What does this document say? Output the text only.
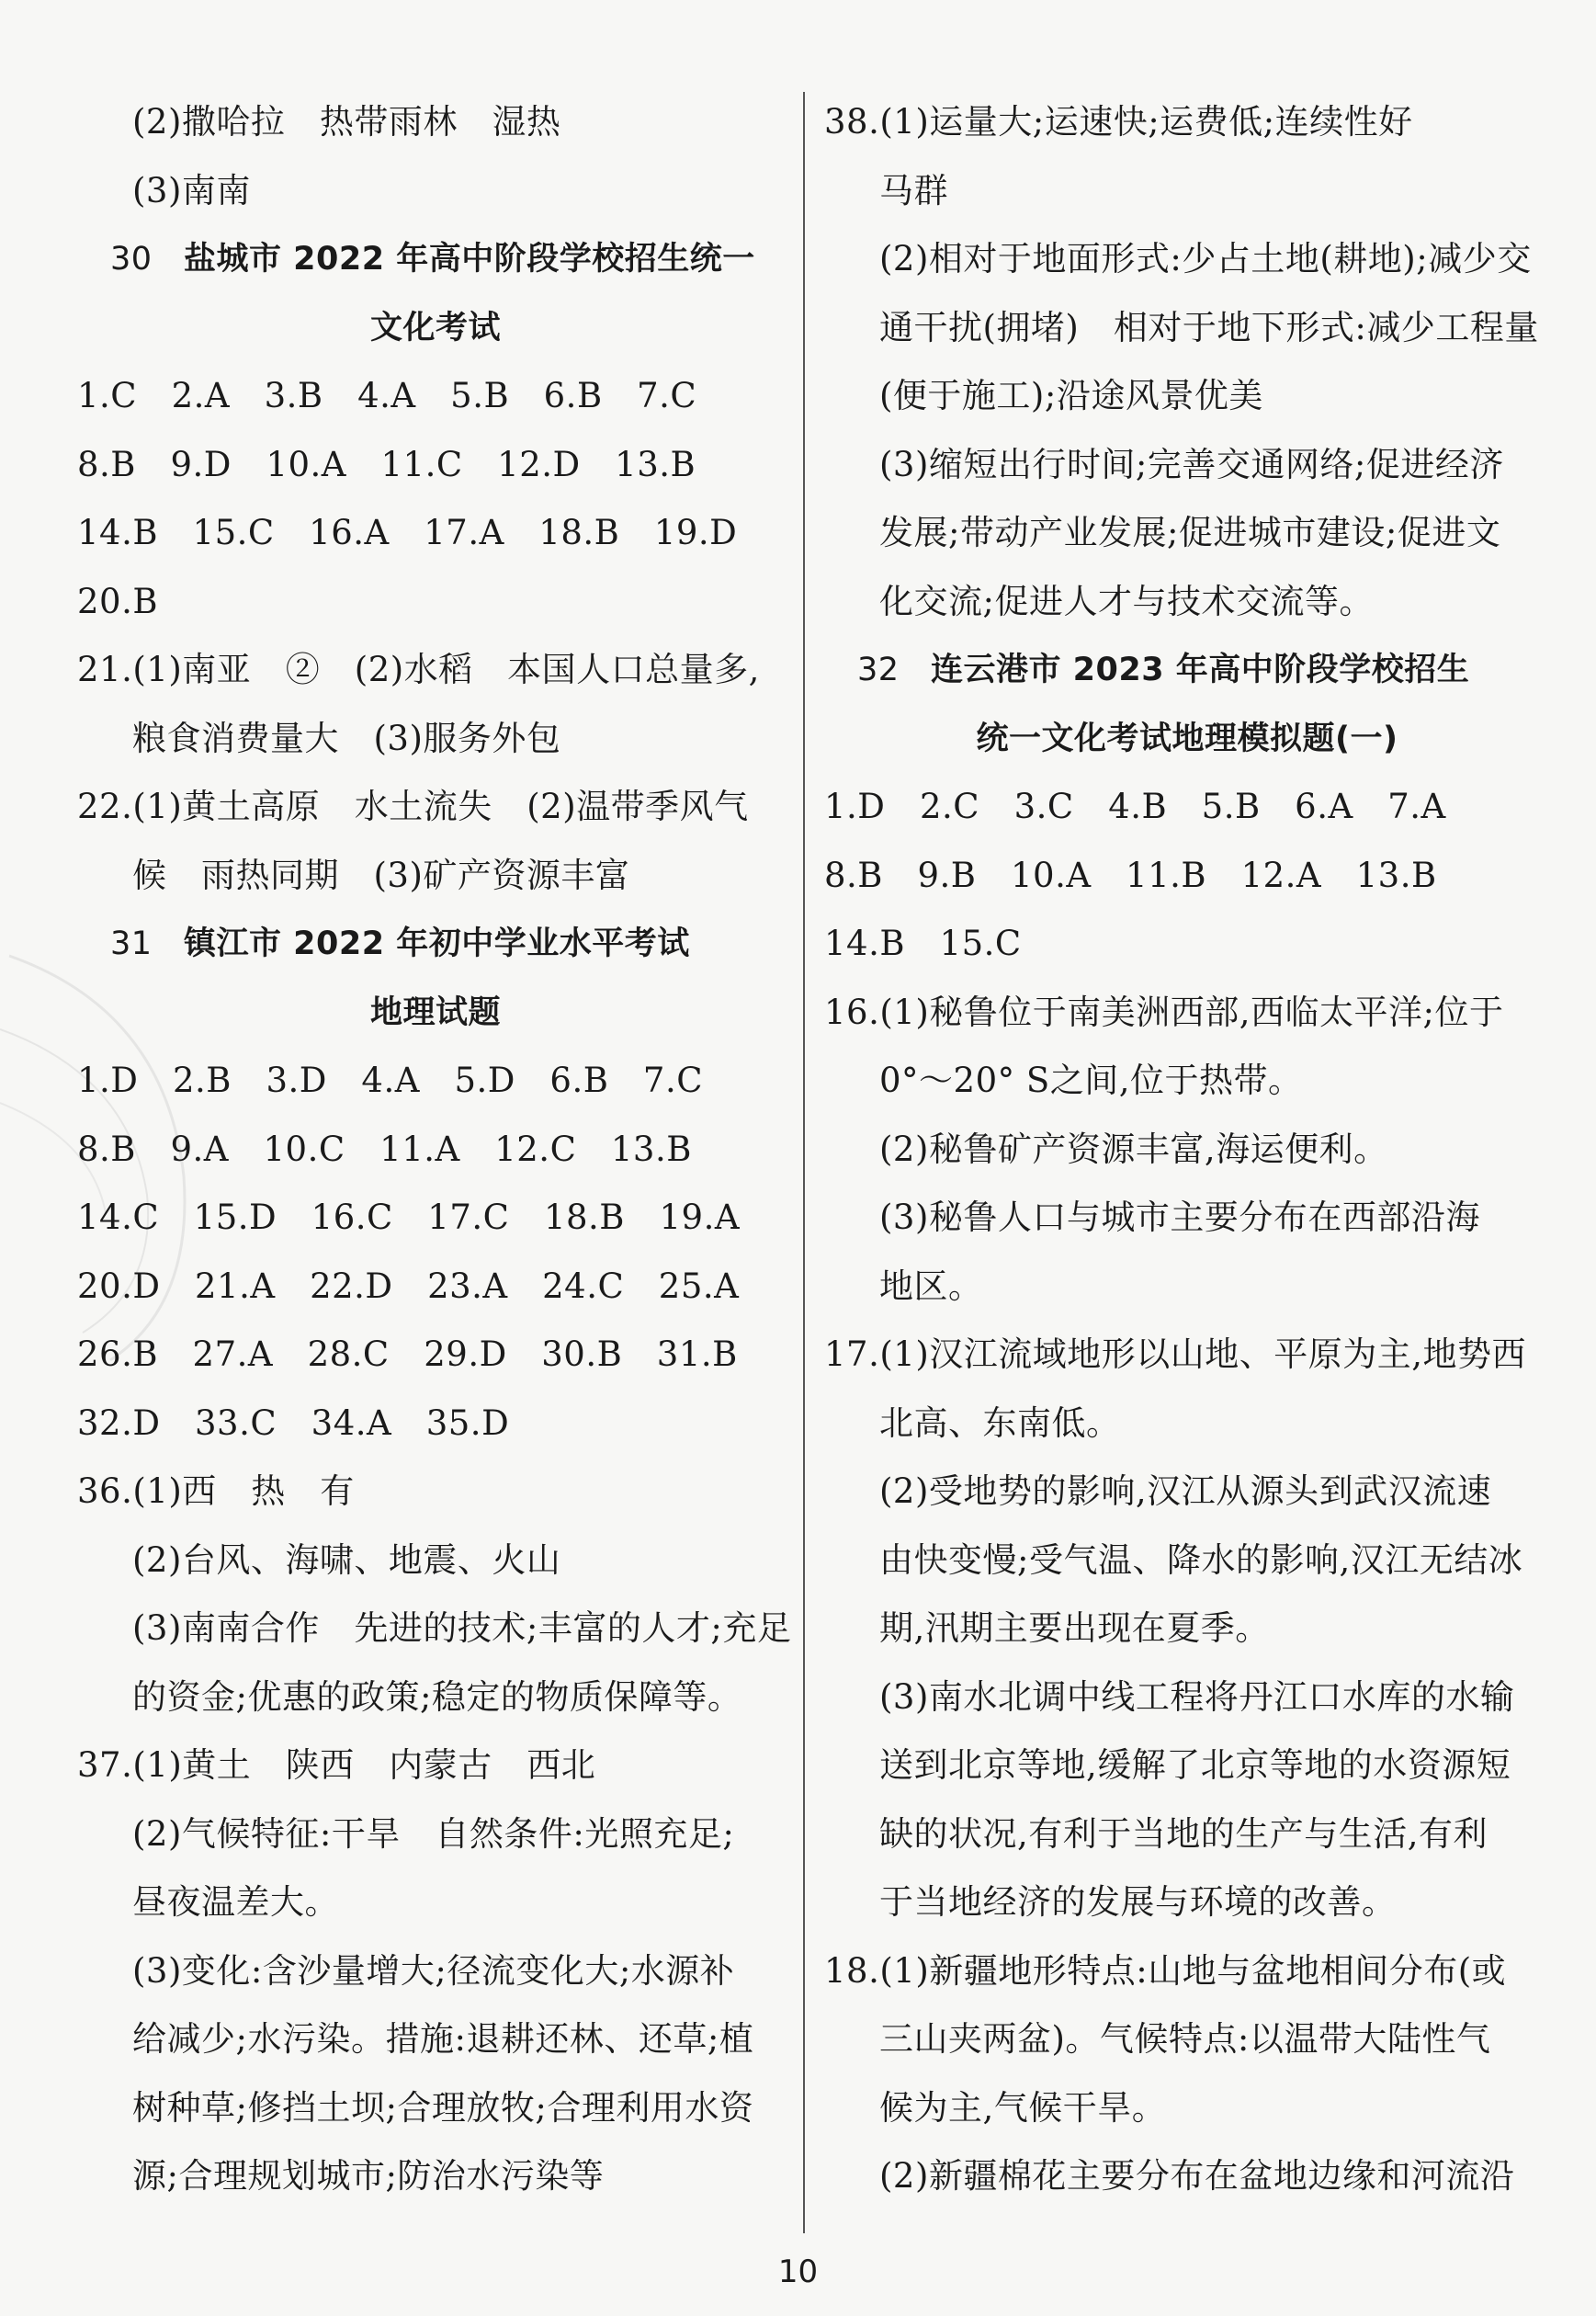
(2)撒哈拉　热带雨林　湿热
(3)南南
30 盐城市 2022 年高中阶段学校招生统一
文化考试
1.C　2.A　3.B　4.A　5.B　6.B　7.C
8.B　9.D　10.A　11.C　12.D　13.B
14.B　15.C　16.A　17.A　18.B　19.D
20.B
21.(1)南亚　②　(2)水稻　本国人口总量多,
粮食消费量大　(3)服务外包
22.(1)黄土高原　水土流失　(2)温带季风气
候　雨热同期　(3)矿产资源丰富
31 镇江市 2022 年初中学业水平考试
地理试题
1.D　2.B　3.D　4.A　5.D　6.B　7.C
8.B　9.A　10.C　11.A　12.C　13.B
14.C　15.D　16.C　17.C　18.B　19.A
20.D　21.A　22.D　23.A　24.C　25.A
26.B　27.A　28.C　29.D　30.B　31.B
32.D　33.C　34.A　35.D
36.(1)西　热　有
(2)台风、海啸、地震、火山
(3)南南合作　先进的技术;丰富的人才;充足
的资金;优惠的政策;稳定的物质保障等。
37.(1)黄土　陕西　内蒙古　西北
(2)气候特征:干旱　自然条件:光照充足;
昼夜温差大。
(3)变化:含沙量增大;径流变化大;水源补
给减少;水污染。措施:退耕还林、还草;植
树种草;修挡土坝;合理放牧;合理利用水资
源;合理规划城市;防治水污染等
38.(1)运量大;运速快;运费低;连续性好
马群
(2)相对于地面形式:少占土地(耕地);减少交
通干扰(拥堵)　相对于地下形式:减少工程量
(便于施工);沿途风景优美
(3)缩短出行时间;完善交通网络;促进经济
发展;带动产业发展;促进城市建设;促进文
化交流;促进人才与技术交流等。
32 连云港市 2023 年高中阶段学校招生
统一文化考试地理模拟题(一)
1.D　2.C　3.C　4.B　5.B　6.A　7.A
8.B　9.B　10.A　11.B　12.A　13.B
14.B　15.C
16.(1)秘鲁位于南美洲西部,西临太平洋;位于
0°～20° S之间,位于热带。
(2)秘鲁矿产资源丰富,海运便利。
(3)秘鲁人口与城市主要分布在西部沿海
地区。
17.(1)汉江流域地形以山地、平原为主,地势西
北高、东南低。
(2)受地势的影响,汉江从源头到武汉流速
由快变慢;受气温、降水的影响,汉江无结冰
期,汛期主要出现在夏季。
(3)南水北调中线工程将丹江口水库的水输
送到北京等地,缓解了北京等地的水资源短
缺的状况,有利于当地的生产与生活,有利
于当地经济的发展与环境的改善。
18.(1)新疆地形特点:山地与盆地相间分布(或
三山夹两盆)。气候特点:以温带大陆性气
候为主,气候干旱。
(2)新疆棉花主要分布在盆地边缘和河流沿
10
